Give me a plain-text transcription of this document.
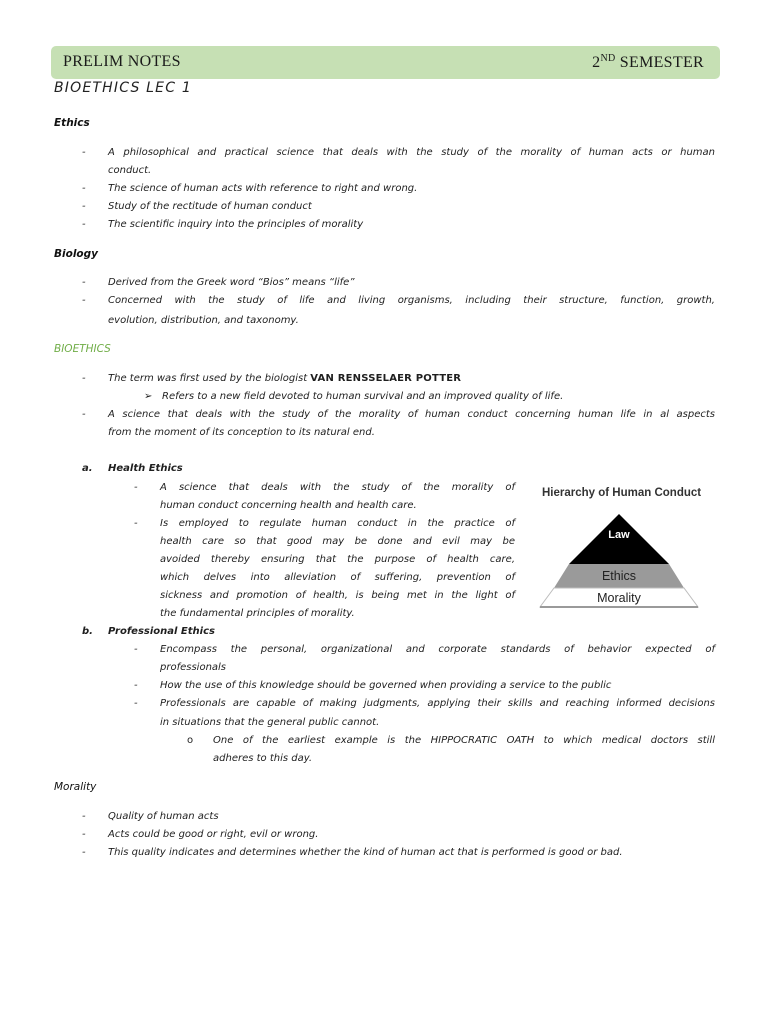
PRELIM NOTES	2ND SEMESTER
BIOETHICS LEC 1
Ethics
-	A philosophical and practical science that deals with the study of the morality of human acts or human
conduct.
-	The science of human acts with reference to right and wrong.
-	Study of the rectitude of human conduct
-	The scientific inquiry into the principles of morality
Biology
-	Derived from the Greek word “Bios” means “life”
-	Concerned with the study of life and living organisms, including their structure, function, growth,
evolution, distribution, and taxonomy.
BIOETHICS
-	The term was first used by the biologist VAN RENSSELAER POTTER
➢ Refers to a new field devoted to human survival and an improved quality of life.
-	A science that deals with the study of the morality of human conduct concerning human life in al aspects
from the moment of its conception to its natural end.
a. Health Ethics
-	A science that deals with the study of the morality of
human conduct concerning health and health care.
-	Is employed to regulate human conduct in the practice of
health care so that good may be done and evil may be
avoided thereby ensuring that the purpose of health care,
which delves into alleviation of suffering, prevention of
sickness and promotion of health, is being met in the light of
the fundamental principles of morality.
Hierarchy of Human Conduct
Law
Ethics
Morality
b. Professional Ethics
-	Encompass the personal, organizational and corporate standards of behavior expected of
professionals
-	How the use of this knowledge should be governed when providing a service to the public
-	Professionals are capable of making judgments, applying their skills and reaching informed decisions
in situations that the general public cannot.
o One of the earliest example is the HIPPOCRATIC OATH to which medical doctors still
adheres to this day.
Morality
-	Quality of human acts
-	Acts could be good or right, evil or wrong.
-	This quality indicates and determines whether the kind of human act that is performed is good or bad.
